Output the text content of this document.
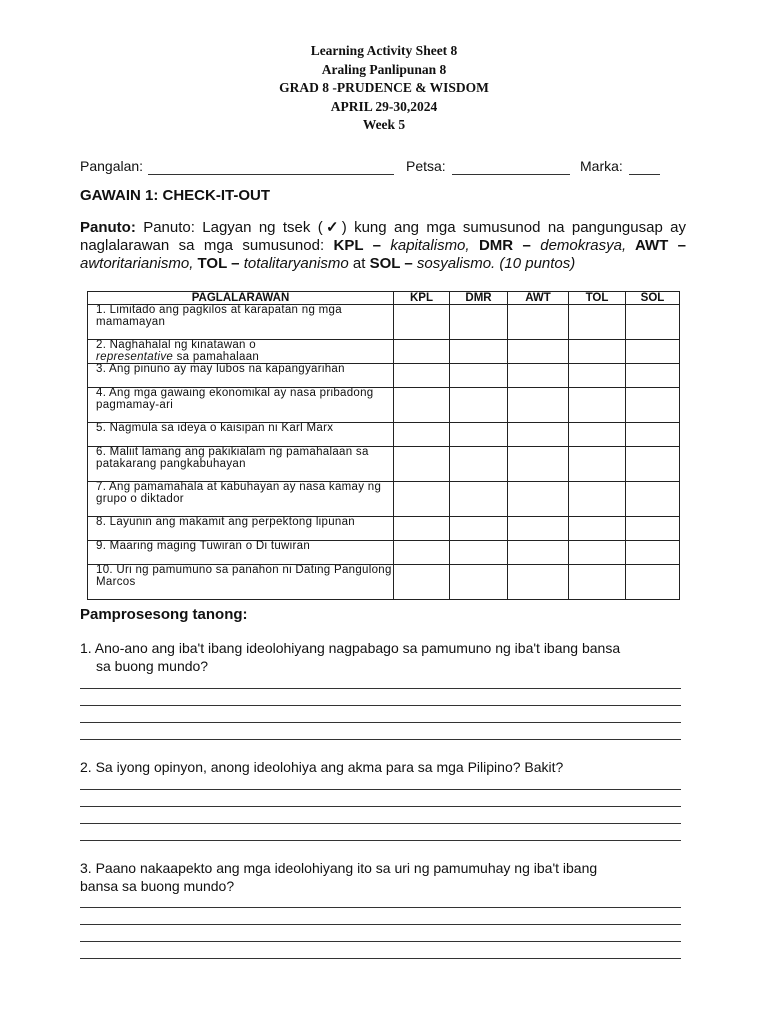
Learning Activity Sheet 8
Araling Panlipunan 8
GRAD 8 -PRUDENCE & WISDOM
APRIL 29-30,2024
Week 5
Pangalan:	Petsa:	Marka:
GAWAIN 1: CHECK-IT-OUT
Panuto: Panuto: Lagyan ng tsek (✓) kung ang mga sumusunod na pangungusap ay naglalarawan sa mga sumusunod: KPL – kapitalismo, DMR – demokrasya, AWT – awtoritarianismo, TOL – totalitaryanismo at SOL – sosyalismo. (10 puntos)
PAGLALARAWAN	KPL	DMR	AWT	TOL	SOL
1. Limitado ang pagkilos at karapatan ng mga mamamayan					
2. Naghahalal ng kinatawan o
representative sa pamahalaan					
3. Ang pinuno ay may lubos na kapangyarihan					
4. Ang mga gawaing ekonomikal ay nasa pribadong pagmamay-ari					
5. Nagmula sa ideya o kaisipan ni Karl Marx					
6. Maliit lamang ang pakikialam ng pamahalaan sa patakarang pangkabuhayan					
7. Ang pamamahala at kabuhayan ay nasa kamay ng grupo o diktador					
8. Layunin ang makamit ang perpektong lipunan					
9. Maaring maging Tuwiran o Di tuwiran					
10. Uri ng pamumuno sa panahon ni Dating Pangulong Marcos					
Pamprosesong tanong:
1. Ano-ano ang iba't ibang ideolohiyang nagpabago sa pamumuno ng iba't ibang bansa
sa buong mundo?
2. Sa iyong opinyon, anong ideolohiya ang akma para sa mga Pilipino? Bakit?
3. Paano nakaapekto ang mga ideolohiyang ito sa uri ng pamumuhay ng iba't ibang
bansa sa buong mundo?
